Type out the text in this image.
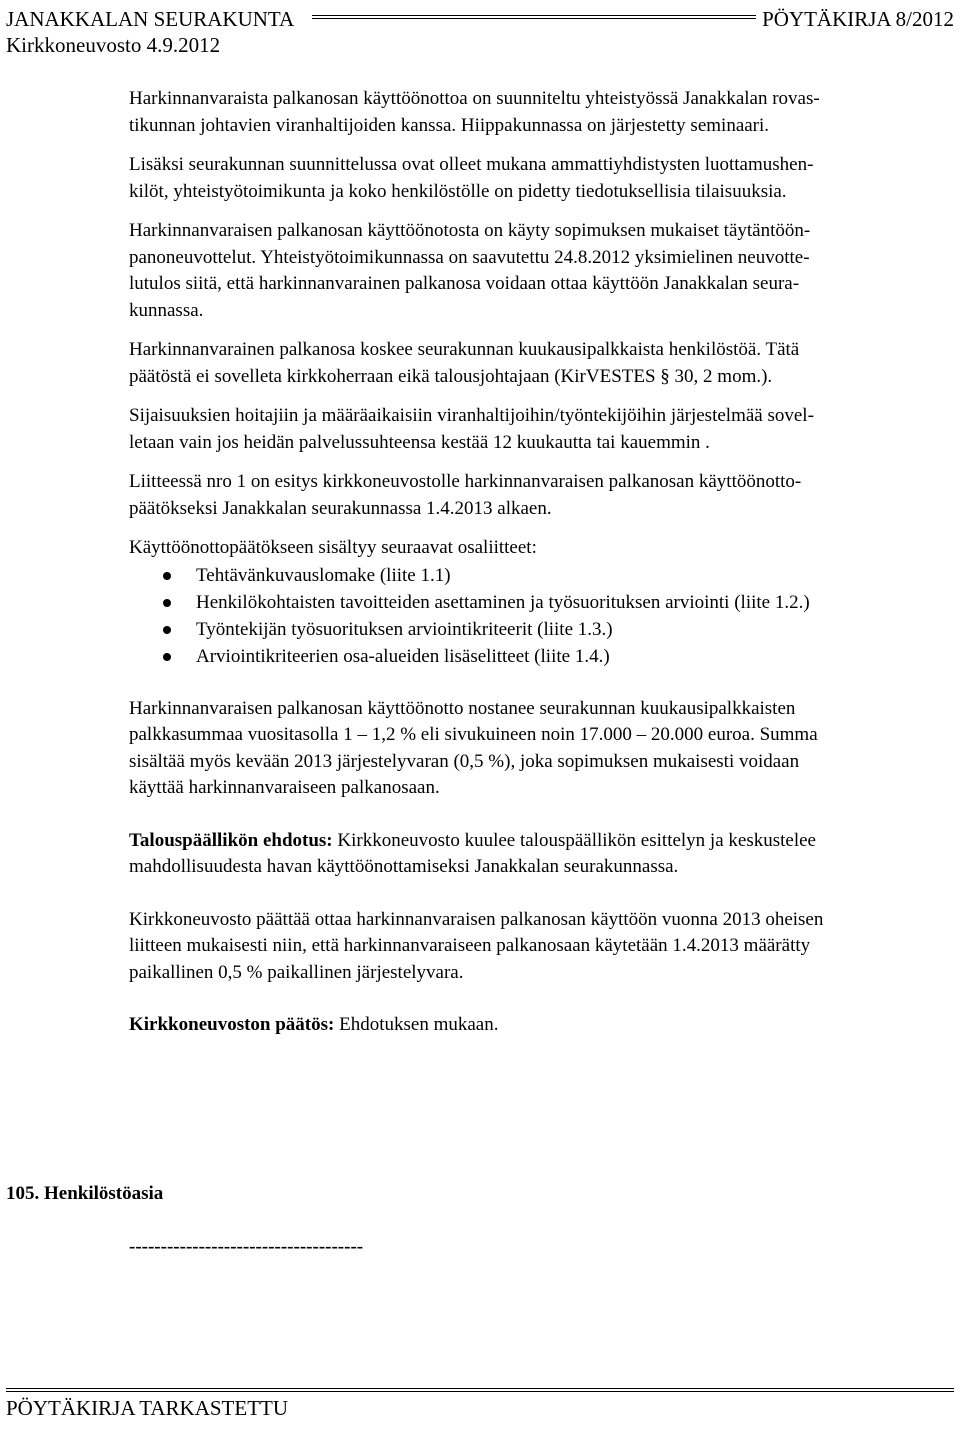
JANAKKALAN SEURAKUNTA	PÖYTÄKIRJA 8/2012
Kirkkoneuvosto 4.9.2012

Harkinnanvaraista palkanosan käyttöönottoa on suunniteltu yhteistyössä Janakkalan rovas-
tikunnan johtavien viranhaltijoiden kanssa. Hiippakunnassa on järjestetty seminaari.

Lisäksi seurakunnan suunnittelussa ovat olleet mukana ammattiyhdistysten luottamushen-
kilöt, yhteistyötoimikunta ja koko henkilöstölle on pidetty tiedotuksellisia tilaisuuksia.

Harkinnanvaraisen palkanosan käyttöönotosta on käyty sopimuksen mukaiset täytäntöön-
panoneuvottelut. Yhteistyötoimikunnassa on saavutettu 24.8.2012 yksimielinen neuvotte-
lutulos siitä, että harkinnanvarainen palkanosa voidaan ottaa käyttöön Janakkalan seura-
kunnassa.

Harkinnanvarainen palkanosa koskee seurakunnan kuukausipalkkaista henkilöstöä. Tätä
päätöstä ei sovelleta kirkkoherraan eikä talousjohtajaan (KirVESTES § 30, 2 mom.).

Sijaisuuksien hoitajiin ja määräaikaisiin viranhaltijoihin/työntekijöihin järjestelmää sovel-
letaan vain jos heidän palvelussuhteensa kestää 12 kuukautta tai kauemmin .

Liitteessä nro 1 on esitys kirkkoneuvostolle harkinnanvaraisen palkanosan käyttöönotto-
päätökseksi Janakkalan seurakunnassa 1.4.2013 alkaen.

Käyttöönottopäätökseen sisältyy seuraavat osaliitteet:

Tehtävänkuvauslomake (liite 1.1)
Henkilökohtaisten tavoitteiden asettaminen ja työsuorituksen arviointi (liite 1.2.)
Työntekijän työsuorituksen arviointikriteerit (liite 1.3.)
Arviointikriteerien osa-alueiden lisäselitteet (liite 1.4.)

Harkinnanvaraisen palkanosan käyttöönotto nostanee seurakunnan kuukausipalkkaisten
palkkasummaa vuositasolla 1 – 1,2 % eli sivukuineen noin 17.000 – 20.000 euroa. Summa
sisältää myös kevään 2013 järjestelyvaran (0,5 %), joka sopimuksen mukaisesti voidaan
käyttää harkinnanvaraiseen palkanosaan.

Talouspäällikön ehdotus: Kirkkoneuvosto kuulee talouspäällikön esittelyn ja keskustelee
mahdollisuudesta havan käyttöönottamiseksi Janakkalan seurakunnassa.

Kirkkoneuvosto päättää ottaa harkinnanvaraisen palkanosan käyttöön vuonna 2013 oheisen
liitteen mukaisesti niin, että harkinnanvaraiseen palkanosaan käytetään 1.4.2013 määrätty
paikallinen 0,5 % paikallinen järjestelyvara.

Kirkkoneuvoston päätös: Ehdotuksen mukaan.

105. Henkilöstöasia
-------------------------------------
PÖYTÄKIRJA TARKASTETTU
